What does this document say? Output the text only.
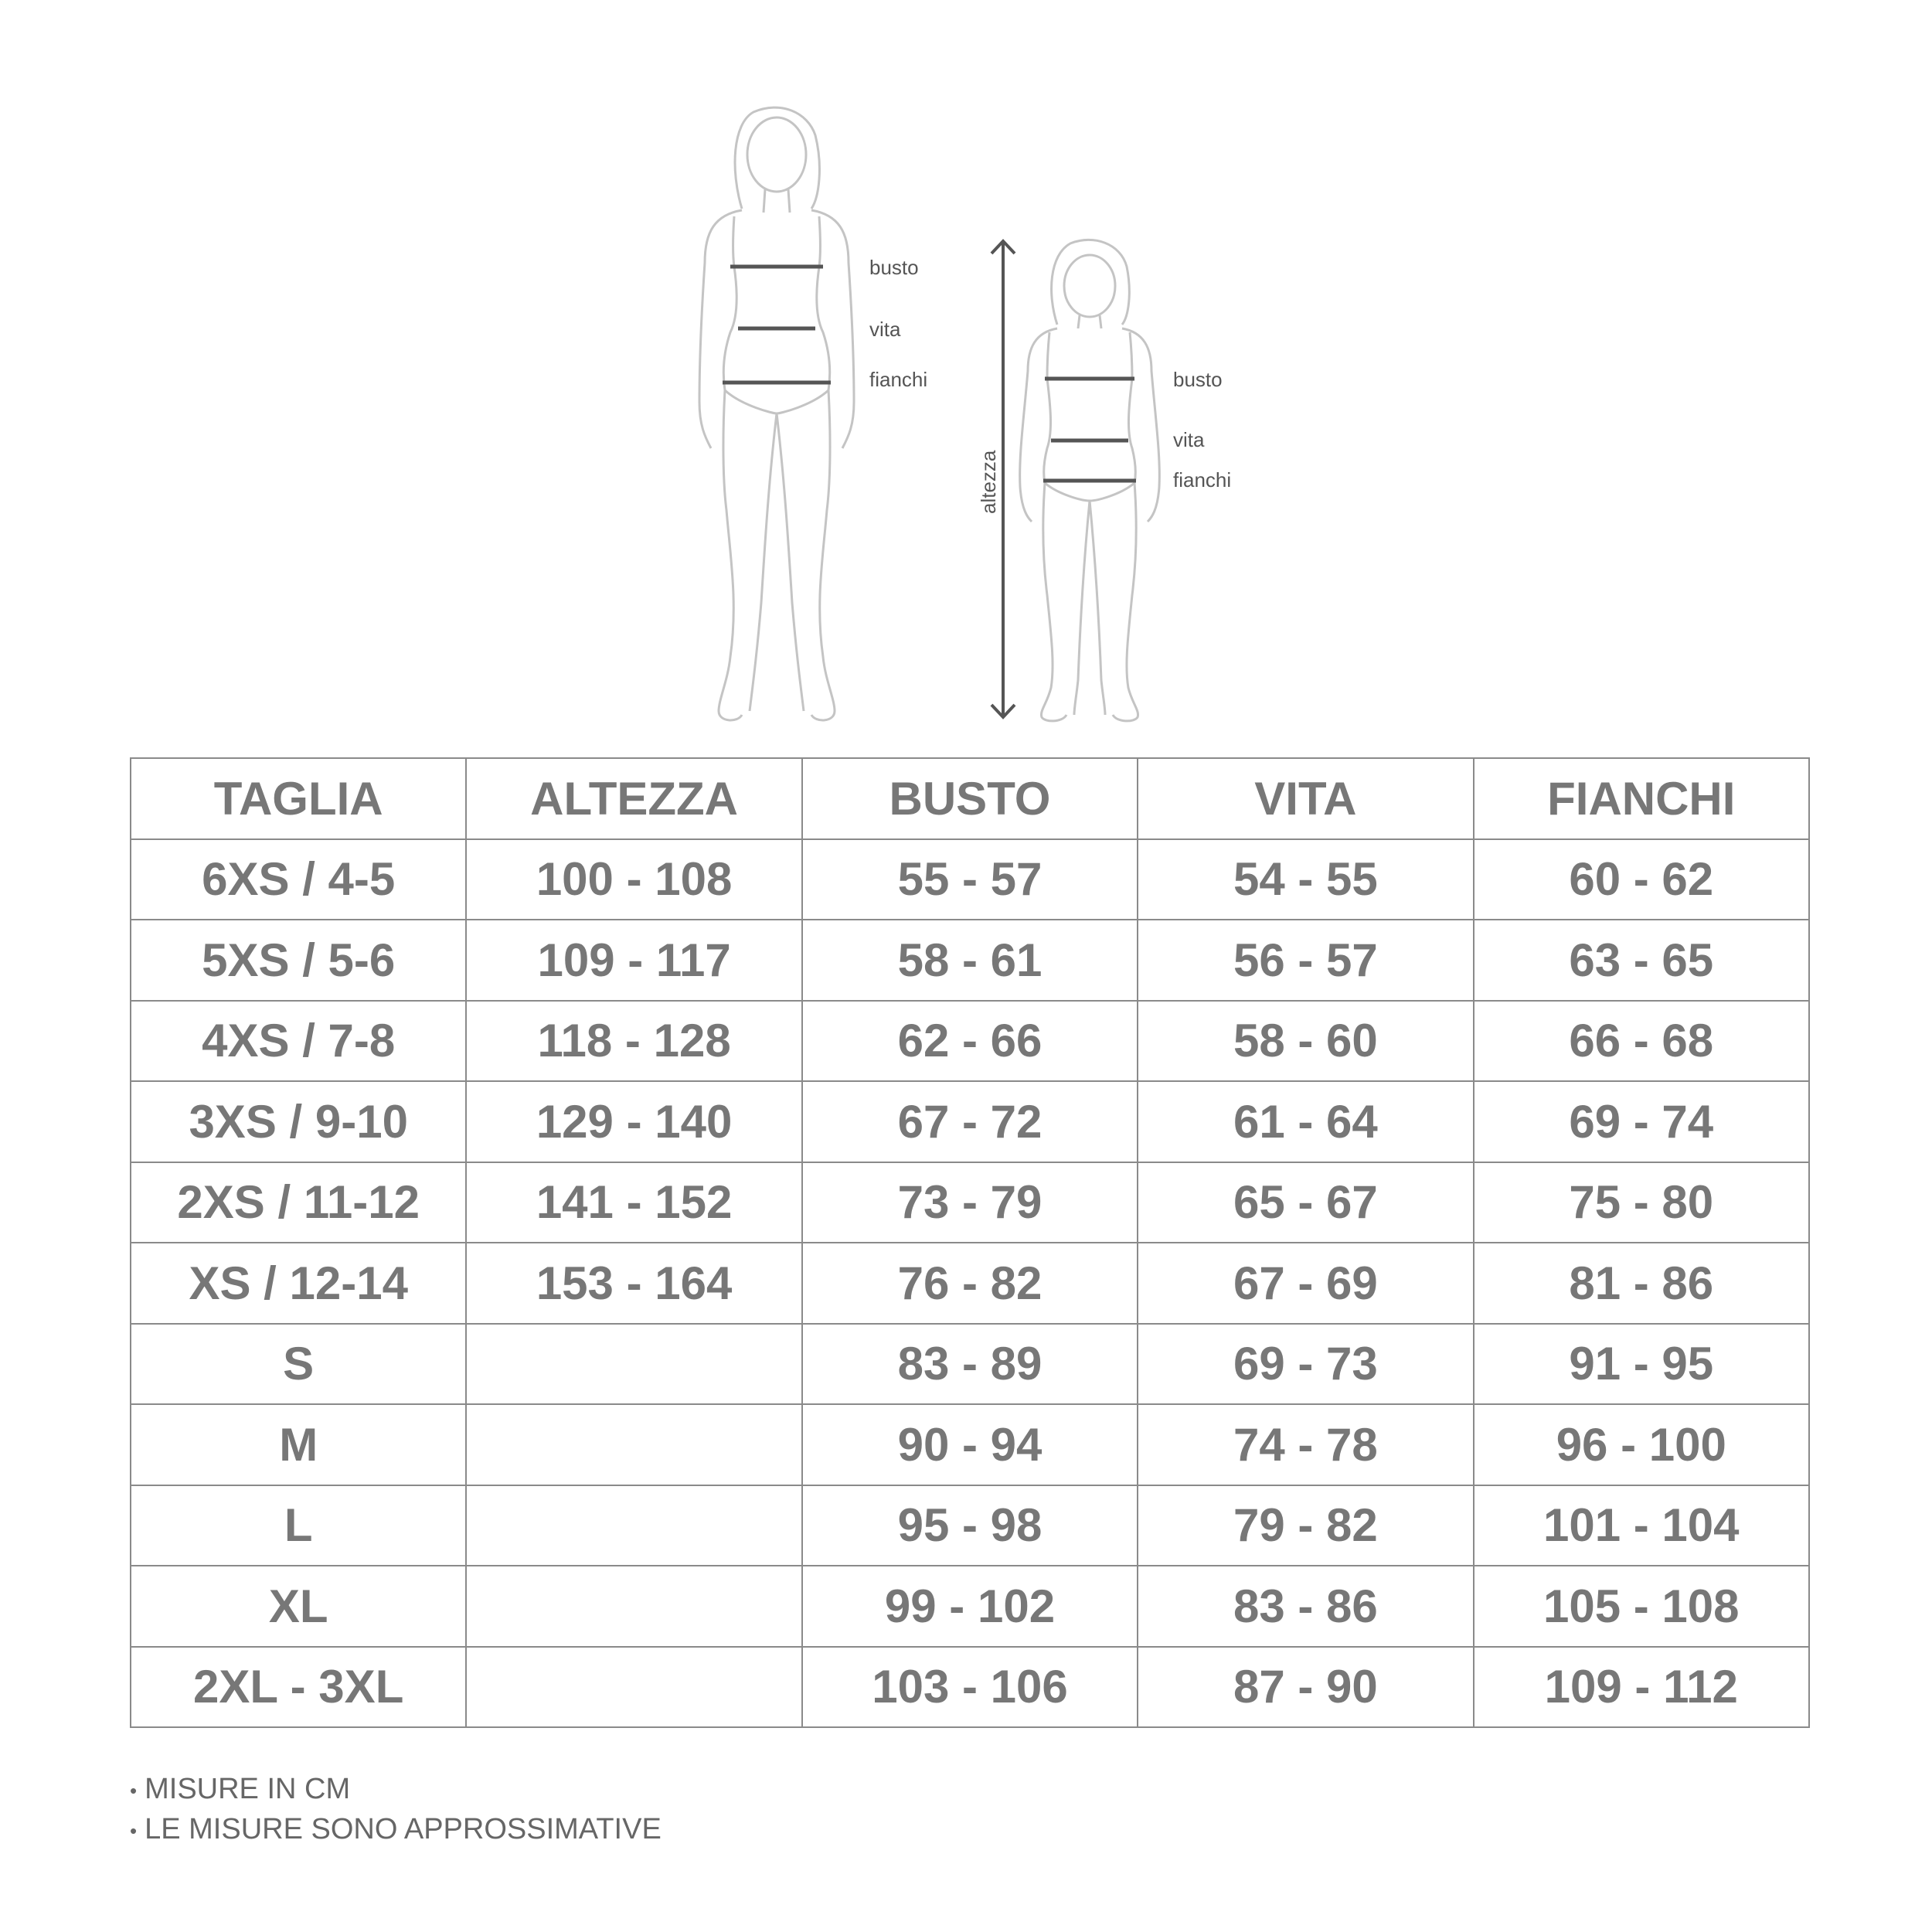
busto
vita
fianchi
altezza
busto
vita
fianchi
TAGLIA	ALTEZZA	BUSTO	VITA	FIANCHI
6XS / 4-5	100 - 108	55 - 57	54 - 55	60 - 62
5XS / 5-6	109 - 117	58 - 61	56 - 57	63 - 65
4XS / 7-8	118 - 128	62 - 66	58 - 60	66 - 68
3XS / 9-10	129 - 140	67 - 72	61 - 64	69 - 74
2XS / 11-12	141 - 152	73 - 79	65 - 67	75 - 80
XS / 12-14	153 - 164	76 - 82	67 - 69	81 - 86
S		83 - 89	69 - 73	91 - 95
M		90 - 94	74 - 78	96 - 100
L		95 - 98	79 - 82	101 - 104
XL		99 - 102	83 - 86	105 - 108
2XL - 3XL		103 - 106	87 - 90	109 - 112
• MISURE IN CM
• LE MISURE SONO APPROSSIMATIVE
